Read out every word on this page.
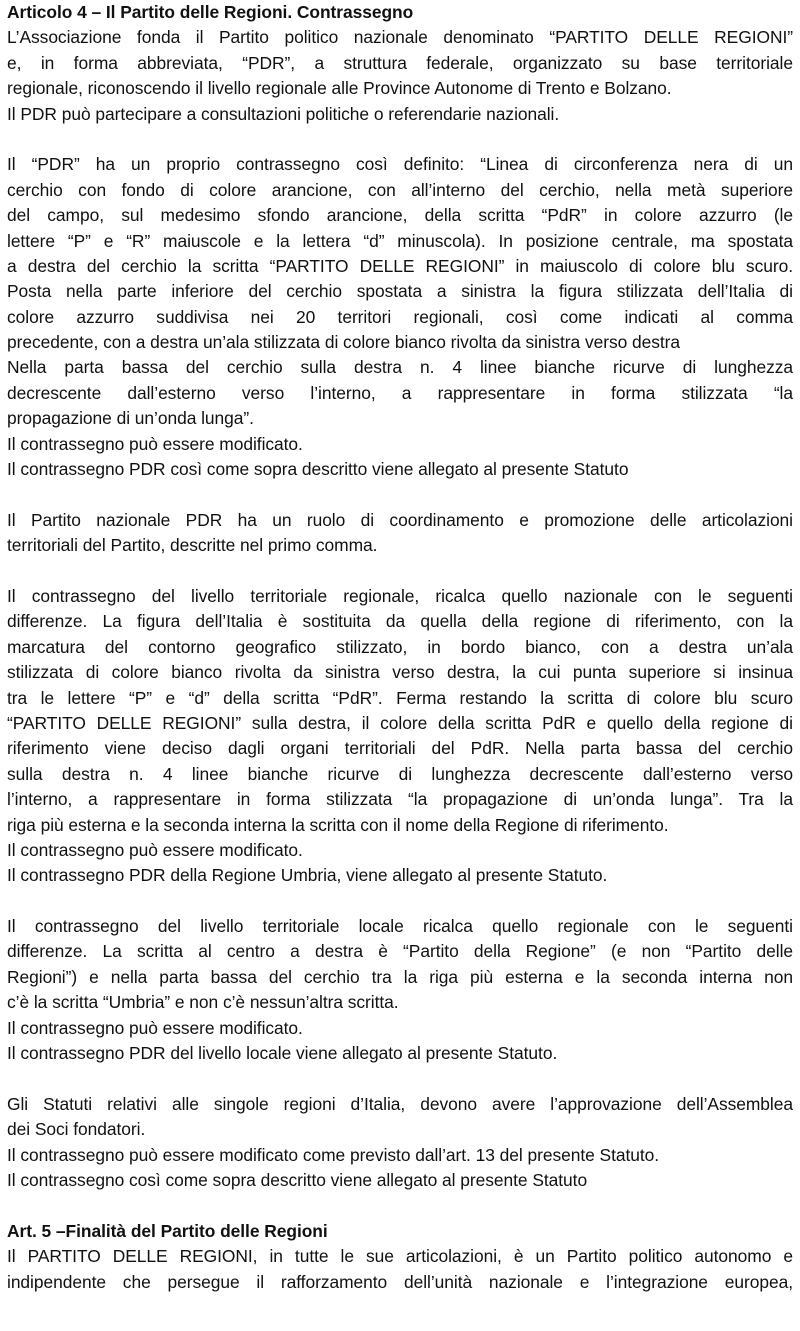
Articolo 4 – Il Partito delle Regioni. Contrassegno
L’Associazione fonda il Partito politico nazionale denominato “PARTITO DELLE REGIONI”
e, in forma abbreviata, “PDR”, a struttura federale, organizzato su base territoriale
regionale, riconoscendo il livello regionale alle Province Autonome di Trento e Bolzano.
Il PDR può partecipare a consultazioni politiche o referendarie nazionali.
Il “PDR” ha un proprio contrassegno così definito: “Linea di circonferenza nera di un
cerchio con fondo di colore arancione, con all’interno del cerchio, nella metà superiore
del campo, sul medesimo sfondo arancione, della scritta “PdR” in colore azzurro (le
lettere “P” e “R” maiuscole e la lettera “d” minuscola). In posizione centrale, ma spostata
a destra del cerchio la scritta “PARTITO DELLE REGIONI” in maiuscolo di colore blu scuro.
Posta nella parte inferiore del cerchio spostata a sinistra la figura stilizzata dell’Italia di
colore azzurro suddivisa nei 20 territori regionali, così come indicati al comma
precedente, con a destra un’ala stilizzata di colore bianco rivolta da sinistra verso destra
Nella parta bassa del cerchio sulla destra n. 4 linee bianche ricurve di lunghezza
decrescente dall’esterno verso l’interno, a rappresentare in forma stilizzata “la
propagazione di un’onda lunga”.
Il contrassegno può essere modificato.
Il contrassegno PDR così come sopra descritto viene allegato al presente Statuto
Il Partito nazionale PDR ha un ruolo di coordinamento e promozione delle articolazioni
territoriali del Partito, descritte nel primo comma.
Il contrassegno del livello territoriale regionale, ricalca quello nazionale con le seguenti
differenze. La figura dell’Italia è sostituita da quella della regione di riferimento, con la
marcatura del contorno geografico stilizzato, in bordo bianco, con a destra un’ala
stilizzata di colore bianco rivolta da sinistra verso destra, la cui punta superiore si insinua
tra le lettere “P” e “d” della scritta “PdR”. Ferma restando la scritta di colore blu scuro
“PARTITO DELLE REGIONI” sulla destra, il colore della scritta PdR e quello della regione di
riferimento viene deciso dagli organi territoriali del PdR. Nella parta bassa del cerchio
sulla destra n. 4 linee bianche ricurve di lunghezza decrescente dall’esterno verso
l’interno, a rappresentare in forma stilizzata “la propagazione di un’onda lunga”. Tra la
riga più esterna e la seconda interna la scritta con il nome della Regione di riferimento.
Il contrassegno può essere modificato.
Il contrassegno PDR della Regione Umbria, viene allegato al presente Statuto.
Il contrassegno del livello territoriale locale ricalca quello regionale con le seguenti
differenze. La scritta al centro a destra è “Partito della Regione” (e non “Partito delle
Regioni”) e nella parta bassa del cerchio tra la riga più esterna e la seconda interna non
c’è la scritta “Umbria” e non c’è nessun’altra scritta.
Il contrassegno può essere modificato.
Il contrassegno PDR del livello locale viene allegato al presente Statuto.
Gli Statuti relativi alle singole regioni d’Italia, devono avere l’approvazione dell’Assemblea
dei Soci fondatori.
Il contrassegno può essere modificato come previsto dall’art. 13 del presente Statuto.
Il contrassegno così come sopra descritto viene allegato al presente Statuto
Art. 5 –Finalità del Partito delle Regioni
Il PARTITO DELLE REGIONI, in tutte le sue articolazioni, è un Partito politico autonomo e
indipendente che persegue il rafforzamento dell’unità nazionale e l’integrazione europea,
